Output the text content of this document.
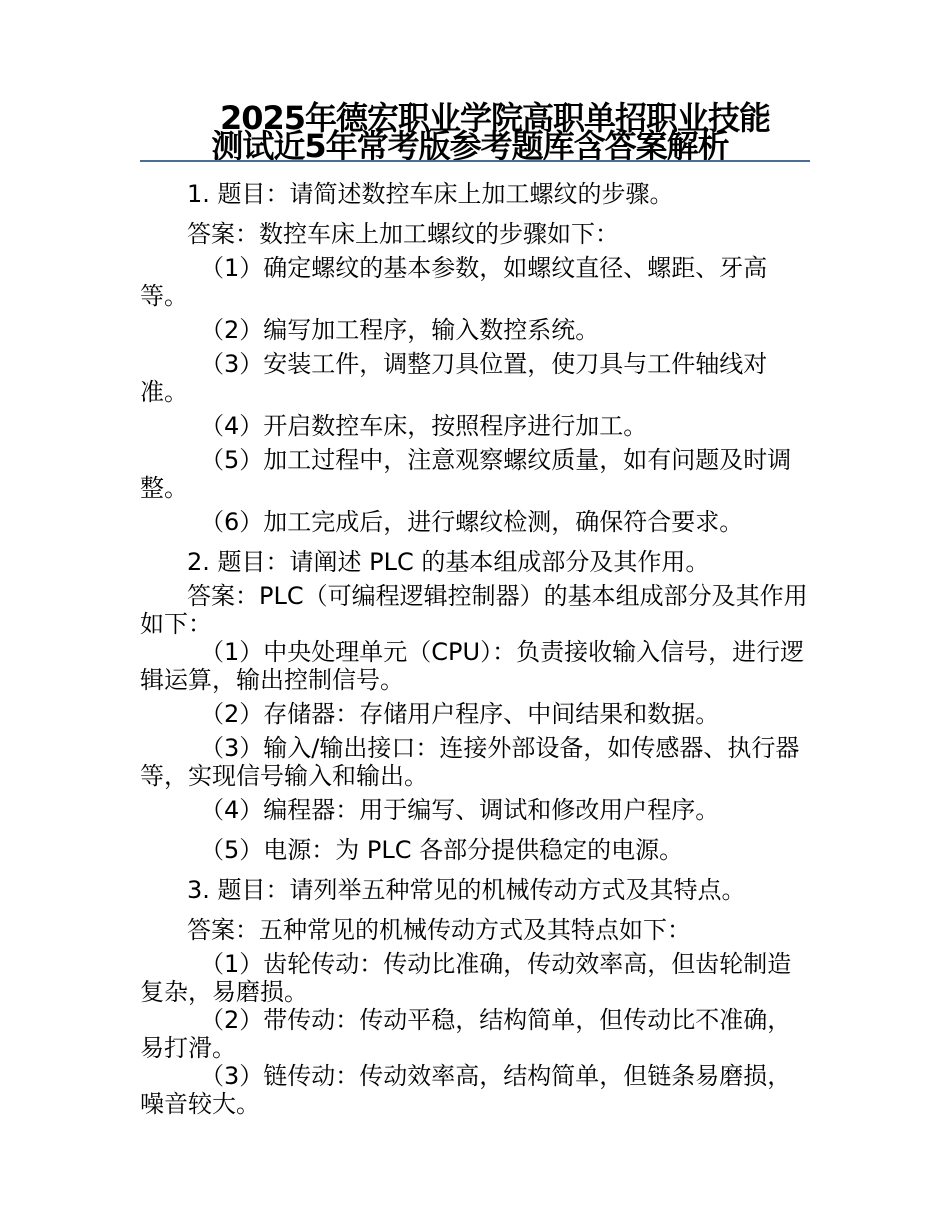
2025年德宏职业学院高职单招职业技能
测试近5年常考版参考题库含答案解析
1. 题目：请简述数控车床上加工螺纹的步骤。
答案：数控车床上加工螺纹的步骤如下：
（1）确定螺纹的基本参数，如螺纹直径、螺距、牙高等。
（2）编写加工程序，输入数控系统。
（3）安装工件，调整刀具位置，使刀具与工件轴线对准。
（4）开启数控车床，按照程序进行加工。
（5）加工过程中，注意观察螺纹质量，如有问题及时调整。
（6）加工完成后，进行螺纹检测，确保符合要求。
2. 题目：请阐述 PLC 的基本组成部分及其作用。
答案：PLC（可编程逻辑控制器）的基本组成部分及其作用如下：
（1）中央处理单元（CPU）：负责接收输入信号，进行逻辑运算，输出控制信号。
（2）存储器：存储用户程序、中间结果和数据。
（3）输入/输出接口：连接外部设备，如传感器、执行器等，实现信号输入和输出。
（4）编程器：用于编写、调试和修改用户程序。
（5）电源：为 PLC 各部分提供稳定的电源。
3. 题目：请列举五种常见的机械传动方式及其特点。
答案：五种常见的机械传动方式及其特点如下：
（1）齿轮传动：传动比准确，传动效率高，但齿轮制造复杂，易磨损。
（2）带传动：传动平稳，结构简单，但传动比不准确，易打滑。
（3）链传动：传动效率高，结构简单，但链条易磨损，噪音较大。
